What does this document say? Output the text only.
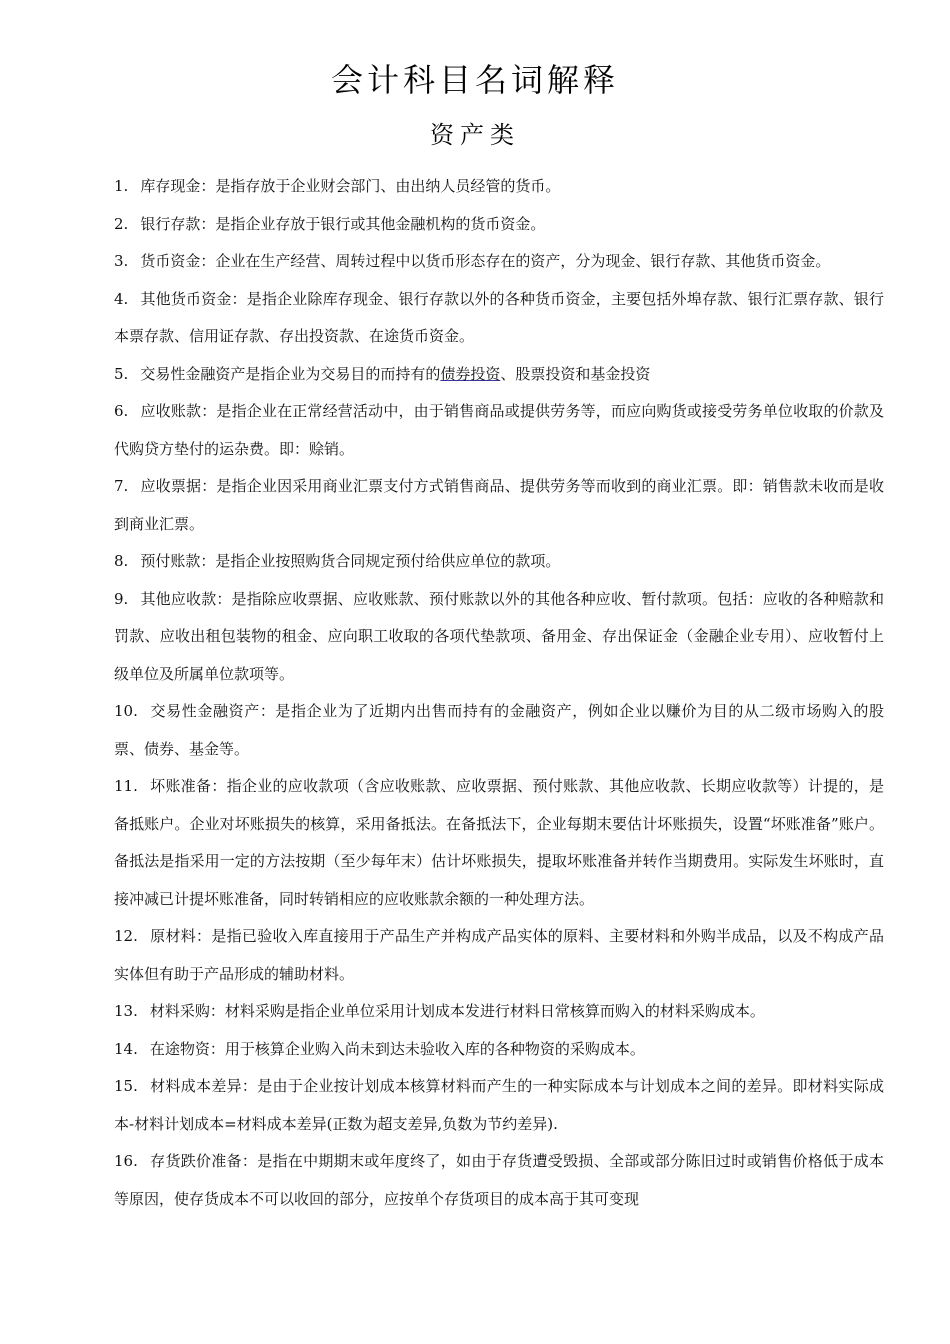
会计科目名词解释
资产类

1. 库存现金：是指存放于企业财会部门、由出纳人员经管的货币。

2. 银行存款：是指企业存放于银行或其他金融机构的货币资金。

3. 货币资金：企业在生产经营、周转过程中以货币形态存在的资产，分为现金、银行存款、其他货币资金。

4. 其他货币资金：是指企业除库存现金、银行存款以外的各种货币资金，主要包括外埠存款、银行汇票存款、银行本票存款、信用证存款、存出投资款、在途货币资金。

5. 交易性金融资产是指企业为交易目的而持有的债券投资、股票投资和基金投资

6. 应收账款：是指企业在正常经营活动中，由于销售商品或提供劳务等，而应向购货或接受劳务单位收取的价款及代购贷方垫付的运杂费。即：赊销。

7. 应收票据：是指企业因采用商业汇票支付方式销售商品、提供劳务等而收到的商业汇票。即：销售款未收而是收到商业汇票。

8. 预付账款：是指企业按照购货合同规定预付给供应单位的款项。

9. 其他应收款：是指除应收票据、应收账款、预付账款以外的其他各种应收、暂付款项。包括：应收的各种赔款和罚款、应收出租包装物的租金、应向职工收取的各项代垫款项、备用金、存出保证金（金融企业专用）、应收暂付上级单位及所属单位款项等。

10. 交易性金融资产：是指企业为了近期内出售而持有的金融资产，例如企业以赚价为目的从二级市场购入的股票、债券、基金等。

11. 坏账准备：指企业的应收款项（含应收账款、应收票据、预付账款、其他应收款、长期应收款等）计提的，是备抵账户。企业对坏账损失的核算，采用备抵法。在备抵法下，企业每期末要估计坏账损失，设置“坏账准备”账户。备抵法是指采用一定的方法按期（至少每年末）估计坏账损失，提取坏账准备并转作当期费用。实际发生坏账时，直接冲减已计提坏账准备，同时转销相应的应收账款余额的一种处理方法。

12. 原材料：是指已验收入库直接用于产品生产并构成产品实体的原料、主要材料和外购半成品，以及不构成产品实体但有助于产品形成的辅助材料。

13. 材料采购：材料采购是指企业单位采用计划成本发进行材料日常核算而购入的材料采购成本。

14. 在途物资：用于核算企业购入尚未到达未验收入库的各种物资的采购成本。

15. 材料成本差异：是由于企业按计划成本核算材料而产生的一种实际成本与计划成本之间的差异。即材料实际成本-材料计划成本=材料成本差异(正数为超支差异,负数为节约差异).

16. 存货跌价准备：是指在中期期末或年度终了，如由于存货遭受毁损、全部或部分陈旧过时或销售价格低于成本等原因，使存货成本不可以收回的部分，应按单个存货项目的成本高于其可变现
